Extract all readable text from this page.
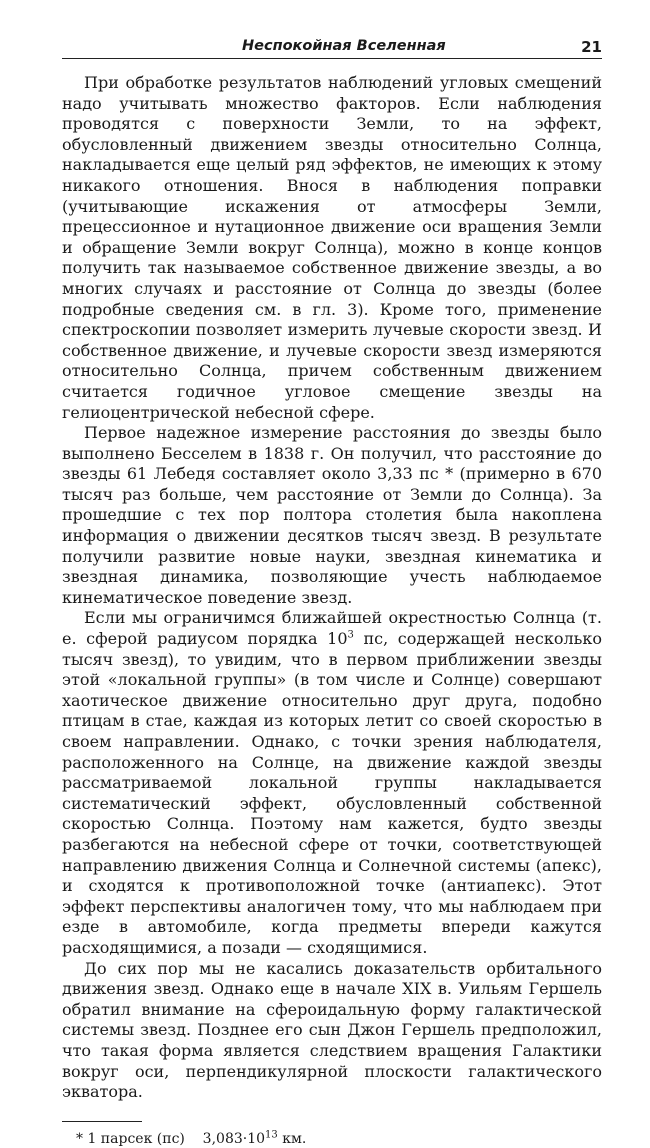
Неспокойная Вселенная	21

При обработке результатов наблюдений угловых смещений надо учитывать множество факторов. Если наблюдения проводятся с поверхности Земли, то на эффект, обусловленный движением звезды относительно Солнца, накладывается еще целый ряд эффектов, не имеющих к этому никакого отношения. Внося в наблюдения поправки (учитывающие искажения от атмосферы Земли, прецессионное и нутационное движение оси вращения Земли и обращение Земли вокруг Солнца), можно в конце концов получить так называемое собственное движение звезды, а во многих случаях и расстояние от Солнца до звезды (более подробные сведения см. в гл. 3). Кроме того, применение спектроскопии позволяет измерить лучевые скорости звезд. И собственное движение, и лучевые скорости звезд измеряются относительно Солнца, причем собственным движением считается годичное угловое смещение звезды на гелиоцентрической небесной сфере.

Первое надежное измерение расстояния до звезды было выполнено Бесселем в 1838 г. Он получил, что расстояние до звезды 61 Лебедя составляет около 3,33 пс * (примерно в 670 тысяч раз больше, чем расстояние от Земли до Солнца). За прошедшие с тех пор полтора столетия была накоплена информация о движении десятков тысяч звезд. В результате получили развитие новые науки, звездная кинематика и звездная динамика, позволяющие учесть наблюдаемое кинематическое поведение звезд.

Если мы ограничимся ближайшей окрестностью Солнца (т. е. сферой радиусом порядка $10^3$ пс, содержащей несколько тысяч звезд), то увидим, что в первом приближении звезды этой «локальной группы» (в том числе и Солнце) совершают хаотическое движение относительно друг друга, подобно птицам в стае, каждая из которых летит со своей скоростью в своем направлении. Однако, с точки зрения наблюдателя, расположенного на Солнце, на движение каждой звезды рассматриваемой локальной группы накладывается систематический эффект, обусловленный собственной скоростью Солнца. Поэтому нам кажется, будто звезды разбегаются на небесной сфере от точки, соответствующей направлению движения Солнца и Солнечной системы (апекс), и сходятся к противоположной точке (антиапекс). Этот эффект перспективы аналогичен тому, что мы наблюдаем при езде в автомобиле, когда предметы впереди кажутся расходящимися, а позади — сходящимися.

До сих пор мы не касались доказательств орбитального движения звезд. Однако еще в начале XIX в. Уильям Гершель обратил внимание на сфероидальную форму галактической системы звезд. Позднее его сын Джон Гершель предположил, что такая форма является следствием вращения Галактики вокруг оси, перпендикулярной плоскости галактического экватора.

* 1 парсек (пс)    $3,083\cdot 10^{13}$ км.
